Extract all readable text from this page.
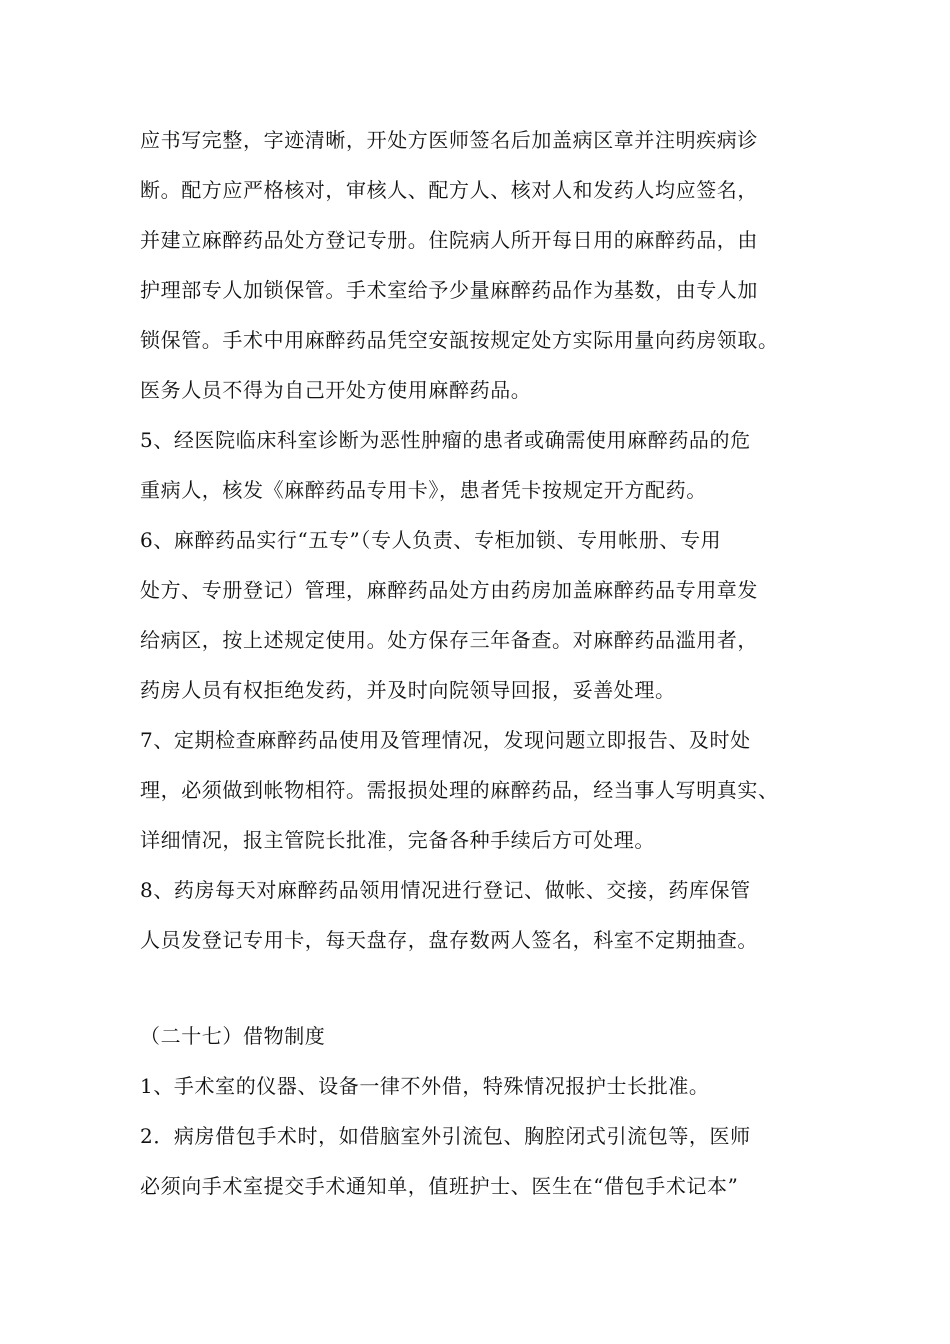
应书写完整，字迹清晰，开处方医师签名后加盖病区章并注明疾病诊
断。配方应严格核对，审核人、配方人、核对人和发药人均应签名，
并建立麻醉药品处方登记专册。住院病人所开每日用的麻醉药品，由
护理部专人加锁保管。手术室给予少量麻醉药品作为基数，由专人加
锁保管。手术中用麻醉药品凭空安瓿按规定处方实际用量向药房领取。
医务人员不得为自己开处方使用麻醉药品。
5、经医院临床科室诊断为恶性肿瘤的患者或确需使用麻醉药品的危
重病人，核发《麻醉药品专用卡》，患者凭卡按规定开方配药。
6、麻醉药品实行“五专”（专人负责、专柜加锁、专用帐册、专用
处方、专册登记）管理，麻醉药品处方由药房加盖麻醉药品专用章发
给病区，按上述规定使用。处方保存三年备查。对麻醉药品滥用者，
药房人员有权拒绝发药，并及时向院领导回报，妥善处理。
7、定期检查麻醉药品使用及管理情况，发现问题立即报告、及时处
理，必须做到帐物相符。需报损处理的麻醉药品，经当事人写明真实、
详细情况，报主管院长批准，完备各种手续后方可处理。
8、药房每天对麻醉药品领用情况进行登记、做帐、交接，药库保管
人员发登记专用卡，每天盘存，盘存数两人签名，科室不定期抽查。
（二十七）借物制度
1、手术室的仪器、设备一律不外借，特殊情况报护士长批准。
2．病房借包手术时，如借脑室外引流包、胸腔闭式引流包等，医师
必须向手术室提交手术通知单，值班护士、医生在“借包手术记本”
